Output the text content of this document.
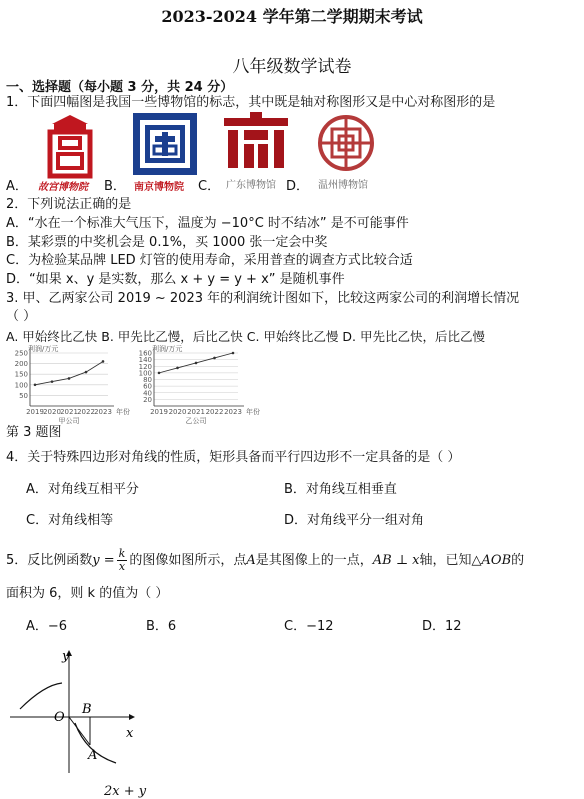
2023-2024 学年第二学期期末考试
八年级数学试卷
一、选择题（每小题 3 分，共 24 分）
1．下面四幅图是我国一些博物馆的标志，其中既是轴对称图形又是中心对称图形的是
故宫博物院	南京博物院	广东博物馆	温州博物馆
A．	B．	C．	D．
2．下列说法正确的是
A．“水在一个标准大气压下，温度为 −10°C 时不结冰” 是不可能事件
B．某彩票的中奖机会是 0.1%，买 1000 张一定会中奖
C．为检验某品牌 LED 灯管的使用寿命，采用普查的调查方式比较合适
D．“如果 x、y 是实数，那么 x + y = y + x” 是随机事件
3. 甲、乙两家公司 2019 ~ 2023 年的利润统计图如下，比较这两家公司的利润增长情况
（ ）
A. 甲始终比乙快 B. 甲先比乙慢，后比乙快 C. 甲始终比乙慢 D. 甲先比乙快，后比乙慢
50
100
150
200
250
利润/万元
2019 2020 2021 2022 2023 年份
甲公司
20
40
60
80
100
120
140
160
利润/万元
2019 2020 2021 2022 2023 年份
乙公司
第 3 题图
4．关于特殊四边形对角线的性质，矩形具备而平行四边形不一定具备的是（ ）
A．对角线互相平分	B．对角线互相垂直
C．对角线相等	D．对角线平分一组对角
5．反比例函数$y = \frac{k}{x}$ 的图像如图所示，点A是其图像上的一点，AB ⊥ x轴，已知△AOB的
面积为 6，则 k 的值为（ ）
A．−6	B．6	C．−12	D．12
y
x
O
B
A
2x + y
